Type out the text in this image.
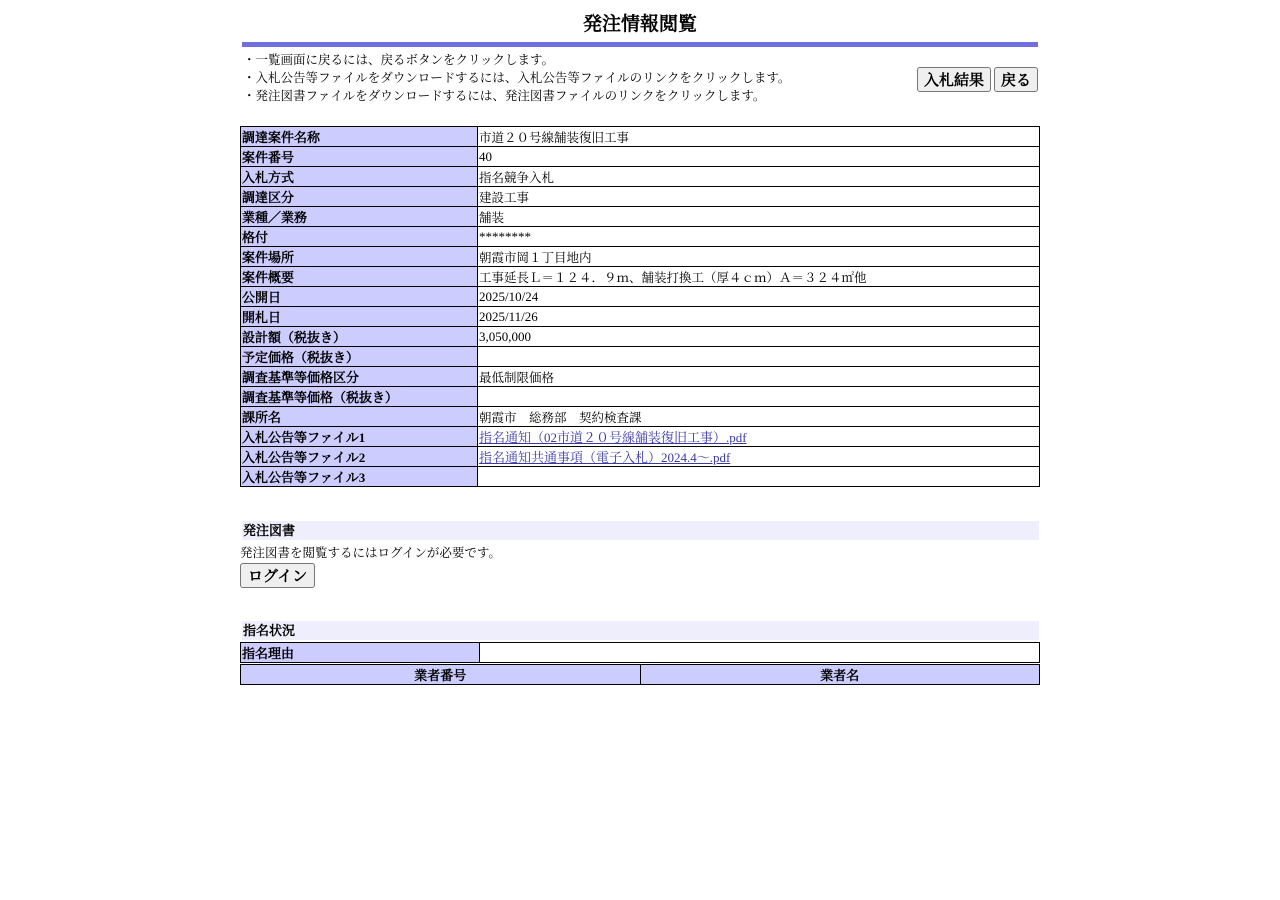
発注情報閲覧
・一覧画面に戻るには、戻るボタンをクリックします。
・入札公告等ファイルをダウンロードするには、入札公告等ファイルのリンクをクリックします。
・発注図書ファイルをダウンロードするには、発注図書ファイルのリンクをクリックします。
入札結果 戻る
調達案件名称	市道２０号線舗装復旧工事
案件番号	40
入札方式	指名競争入札
調達区分	建設工事
業種／業務	舗装
格付	********
案件場所	朝霞市岡１丁目地内
案件概要	工事延長Ｌ＝１２４．９ｍ、舗装打換工（厚４ｃｍ）Ａ＝３２４㎡他
公開日	2025/10/24
開札日	2025/11/26
設計額（税抜き）	3,050,000
予定価格（税抜き）	
調査基準等価格区分	最低制限価格
調査基準等価格（税抜き）	
課所名	朝霞市　総務部　契約検査課
入札公告等ファイル1	指名通知（02市道２０号線舗装復旧工事）.pdf
入札公告等ファイル2	指名通知共通事項（電子入札）2024.4～.pdf
入札公告等ファイル3	
発注図書
発注図書を閲覧するにはログインが必要です。
ログイン
指名状況
指名理由	
業者番号	業者名
